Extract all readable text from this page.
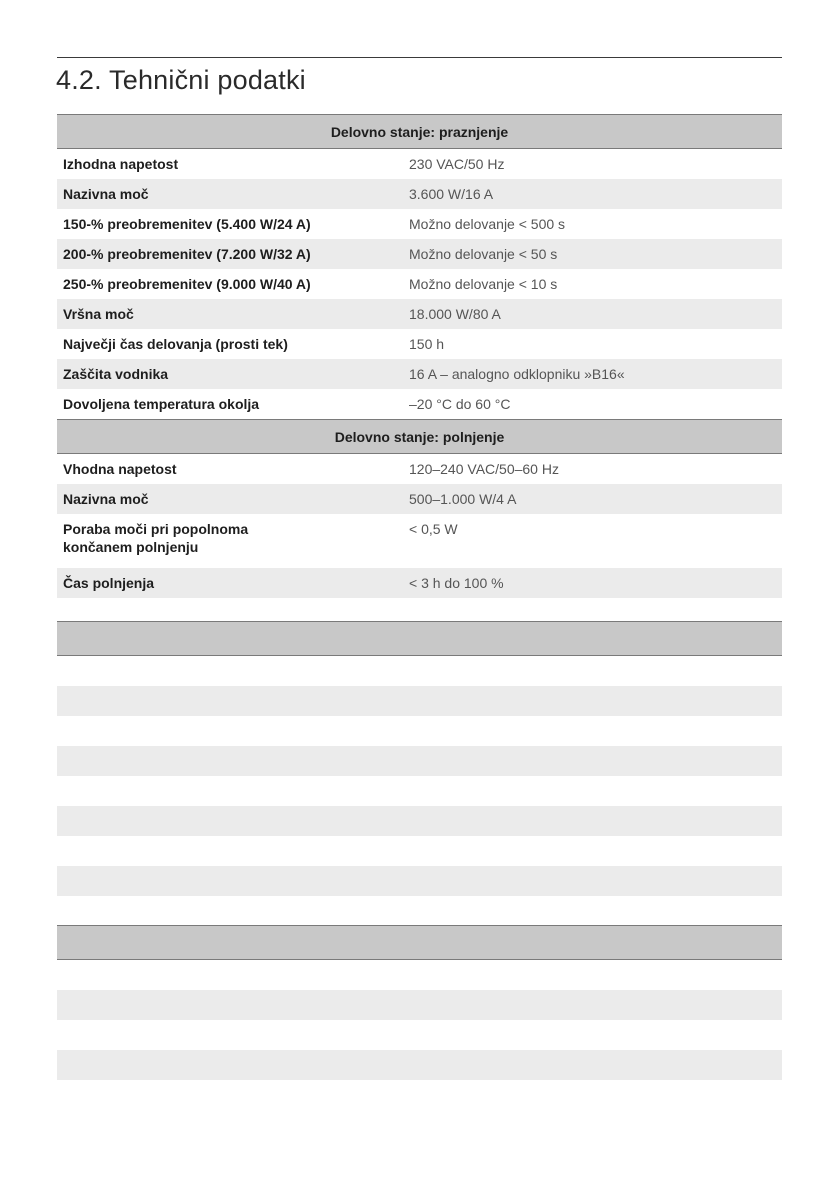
4.2. Tehnični podatki
Delovno stanje: praznjenje	
Izhodna napetost	230 VAC/50 Hz
Nazivna moč	3.600 W/16 A
150-% preobremenitev (5.400 W/24 A)	Možno delovanje < 500 s
200-% preobremenitev (7.200 W/32 A)	Možno delovanje < 50 s
250-% preobremenitev (9.000 W/40 A)	Možno delovanje < 10 s
Vršna moč	18.000 W/80 A
Največji čas delovanja (prosti tek)	150 h
Zaščita vodnika	16 A – analogno odklopniku »B16«
Dovoljena temperatura okolja	–20 °C do 60 °C
Delovno stanje: polnjenje	
Vhodna napetost	120–240 VAC/50–60 Hz
Nazivna moč	500–1.000 W/4 A
Poraba moči pri popolnoma
končanem polnjenju	< 0,5 W
Čas polnjenja	< 3 h do 100 %
